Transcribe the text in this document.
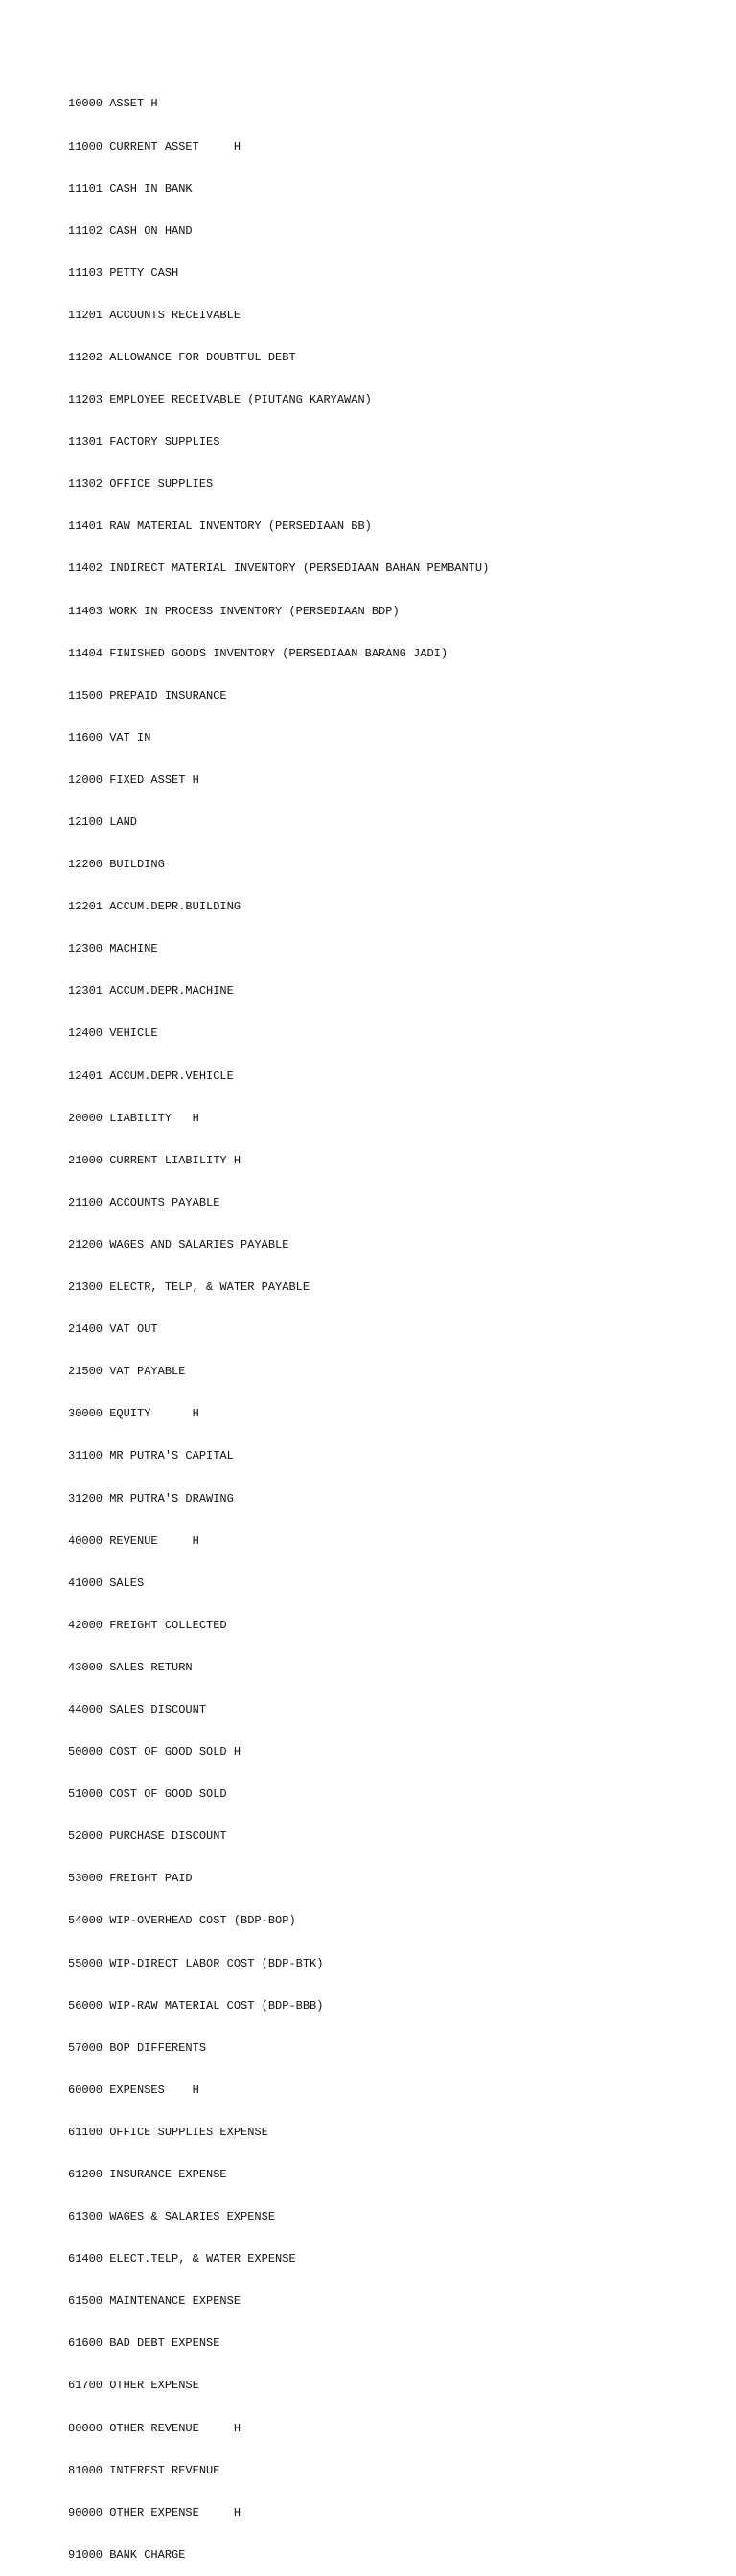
10000 ASSET H

11000 CURRENT ASSET     H

11101 CASH IN BANK

11102 CASH ON HAND

11103 PETTY CASH

11201 ACCOUNTS RECEIVABLE

11202 ALLOWANCE FOR DOUBTFUL DEBT

11203 EMPLOYEE RECEIVABLE (PIUTANG KARYAWAN)

11301 FACTORY SUPPLIES

11302 OFFICE SUPPLIES

11401 RAW MATERIAL INVENTORY (PERSEDIAAN BB)

11402 INDIRECT MATERIAL INVENTORY (PERSEDIAAN BAHAN PEMBANTU)

11403 WORK IN PROCESS INVENTORY (PERSEDIAAN BDP)

11404 FINISHED GOODS INVENTORY (PERSEDIAAN BARANG JADI)

11500 PREPAID INSURANCE

11600 VAT IN

12000 FIXED ASSET H

12100 LAND

12200 BUILDING

12201 ACCUM.DEPR.BUILDING

12300 MACHINE

12301 ACCUM.DEPR.MACHINE

12400 VEHICLE

12401 ACCUM.DEPR.VEHICLE

20000 LIABILITY   H

21000 CURRENT LIABILITY H

21100 ACCOUNTS PAYABLE

21200 WAGES AND SALARIES PAYABLE

21300 ELECTR, TELP, & WATER PAYABLE

21400 VAT OUT

21500 VAT PAYABLE

30000 EQUITY      H

31100 MR PUTRA'S CAPITAL

31200 MR PUTRA'S DRAWING

40000 REVENUE     H

41000 SALES

42000 FREIGHT COLLECTED

43000 SALES RETURN

44000 SALES DISCOUNT

50000 COST OF GOOD SOLD H

51000 COST OF GOOD SOLD

52000 PURCHASE DISCOUNT

53000 FREIGHT PAID

54000 WIP-OVERHEAD COST (BDP-BOP)

55000 WIP-DIRECT LABOR COST (BDP-BTK)

56000 WIP-RAW MATERIAL COST (BDP-BBB)

57000 BOP DIFFERENTS

60000 EXPENSES    H

61100 OFFICE SUPPLIES EXPENSE

61200 INSURANCE EXPENSE

61300 WAGES & SALARIES EXPENSE

61400 ELECT.TELP, & WATER EXPENSE

61500 MAINTENANCE EXPENSE

61600 BAD DEBT EXPENSE

61700 OTHER EXPENSE

80000 OTHER REVENUE     H

81000 INTEREST REVENUE

90000 OTHER EXPENSE     H

91000 BANK CHARGE
